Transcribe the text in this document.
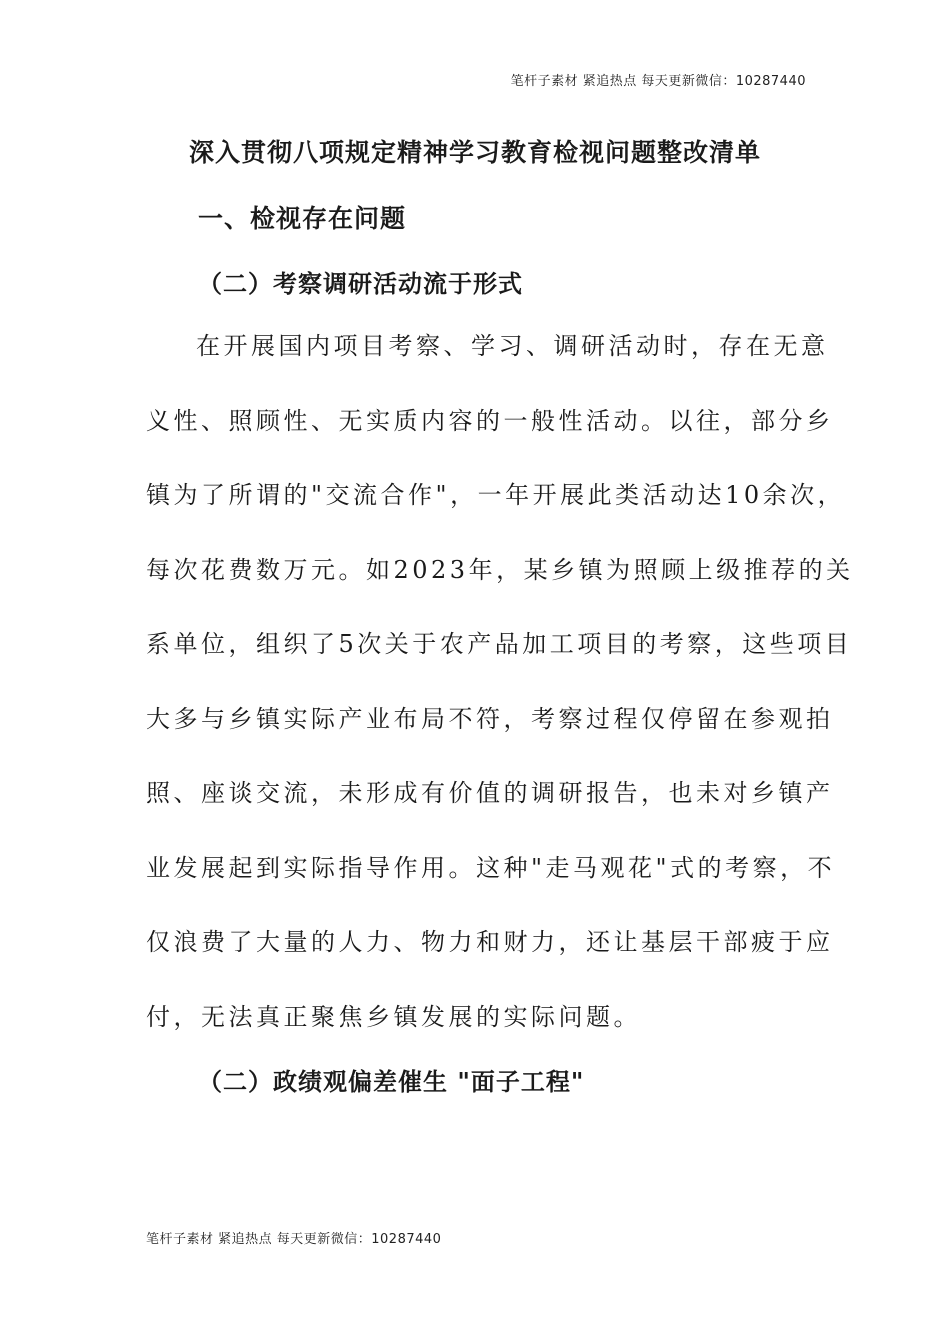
笔杆子素材 紧追热点 每天更新微信：10287440
深入贯彻八项规定精神学习教育检视问题整改清单
一、检视存在问题
（二）考察调研活动流于形式
在开展国内项目考察、学习、调研活动时，存在无意
义性、照顾性、无实质内容的一般性活动。以往，部分乡
镇为了所谓的"交流合作"，一年开展此类活动达10余次，
每次花费数万元。如2023年，某乡镇为照顾上级推荐的关
系单位，组织了5次关于农产品加工项目的考察，这些项目
大多与乡镇实际产业布局不符，考察过程仅停留在参观拍
照、座谈交流，未形成有价值的调研报告，也未对乡镇产
业发展起到实际指导作用。这种"走马观花"式的考察，不
仅浪费了大量的人力、物力和财力，还让基层干部疲于应
付，无法真正聚焦乡镇发展的实际问题。
（二）政绩观偏差催生 "面子工程"
笔杆子素材 紧追热点 每天更新微信：10287440
